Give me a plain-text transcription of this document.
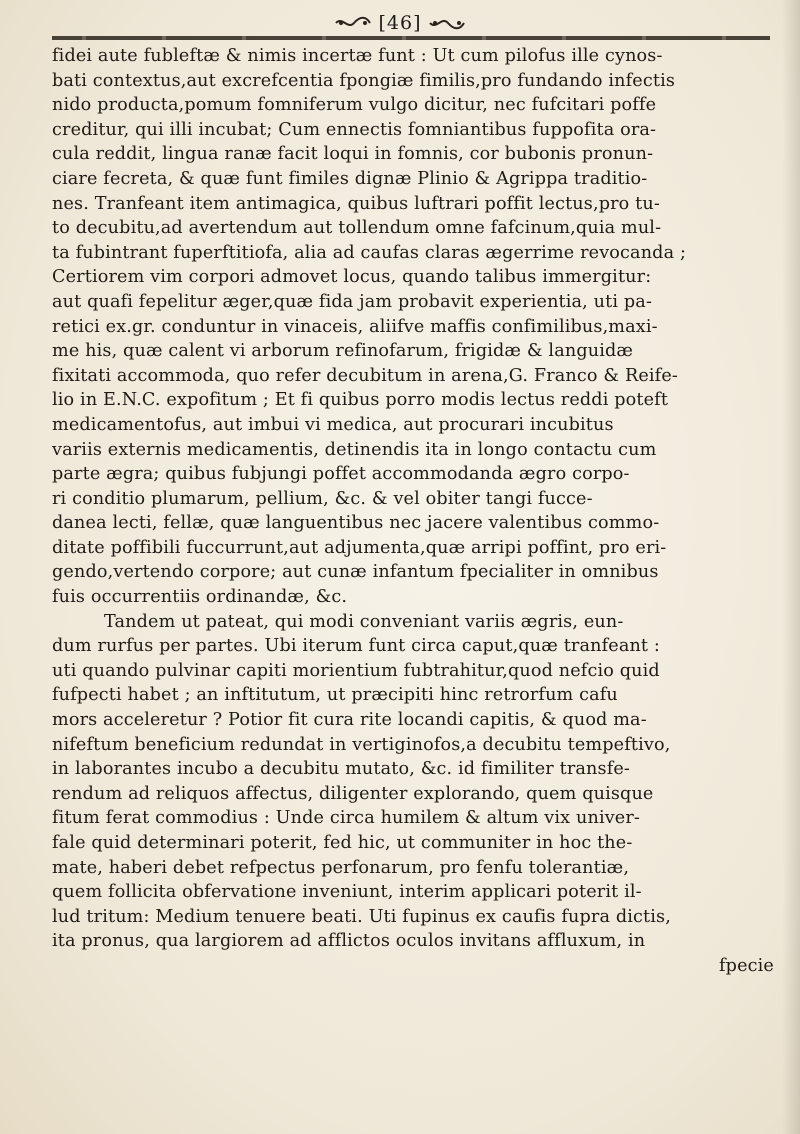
[46]
fidei aute fubleftæ & nimis incertæ funt : Ut cum pilofus ille cynos-
bati contextus,aut excrefcentia fpongiæ fimilis,pro fundando infectis
nido producta,pomum fomniferum vulgo dicitur, nec fufcitari poffe
creditur, qui illi incubat; Cum ennectis fomniantibus fuppofita ora-
cula reddit, lingua ranæ facit loqui in fomnis, cor bubonis pronun-
ciare fecreta, & quæ funt fimiles dignæ Plinio & Agrippa traditio-
nes. Tranfeant item antimagica, quibus luftrari poffit lectus,pro tu-
to decubitu,ad avertendum aut tollendum omne fafcinum,quia mul-
ta fubintrant fuperftitiofa, alia ad caufas claras ægerrime revocanda ;
Certiorem vim corpori admovet locus, quando talibus immergitur:
aut quafi fepelitur æger,quæ fida jam probavit experientia, uti pa-
retici ex.gr. conduntur in vinaceis, aliifve maffis confimilibus,maxi-
me his, quæ calent vi arborum refinofarum, frigidæ & languidæ
fixitati accommoda, quo refer decubitum in arena,G. Franco & Reife-
lio in E.N.C. expofitum ; Et fi quibus porro modis lectus reddi poteft
medicamentofus, aut imbui vi medica, aut procurari incubitus
variis externis medicamentis, detinendis ita in longo contactu cum
parte ægra; quibus fubjungi poffet accommodanda ægro corpo-
ri conditio plumarum, pellium, &c. & vel obiter tangi fucce-
danea lecti, fellæ, quæ languentibus nec jacere valentibus commo-
ditate poffibili fuccurrunt,aut adjumenta,quæ arripi poffint, pro eri-
gendo,vertendo corpore; aut cunæ infantum fpecialiter in omnibus
fuis occurrentiis ordinandæ, &c.
Tandem ut pateat, qui modi conveniant variis ægris, eun-
dum rurfus per partes. Ubi iterum funt circa caput,quæ tranfeant :
uti quando pulvinar capiti morientium fubtrahitur,quod nefcio quid
fufpecti habet ; an inftitutum, ut præcipiti hinc retrorfum cafu
mors acceleretur ? Potior fit cura rite locandi capitis, & quod ma-
nifeftum beneficium redundat in vertiginofos,a decubitu tempeftivo,
in laborantes incubo a decubitu mutato, &c. id fimiliter transfe-
rendum ad reliquos affectus, diligenter explorando, quem quisque
fitum ferat commodius : Unde circa humilem & altum vix univer-
fale quid determinari poterit, fed hic, ut communiter in hoc the-
mate, haberi debet refpectus perfonarum, pro fenfu tolerantiæ,
quem follicita obfervatione inveniunt, interim applicari poterit il-
lud tritum: Medium tenuere beati. Uti fupinus ex caufis fupra dictis,
ita pronus, qua largiorem ad afflictos oculos invitans affluxum, in
fpecie
